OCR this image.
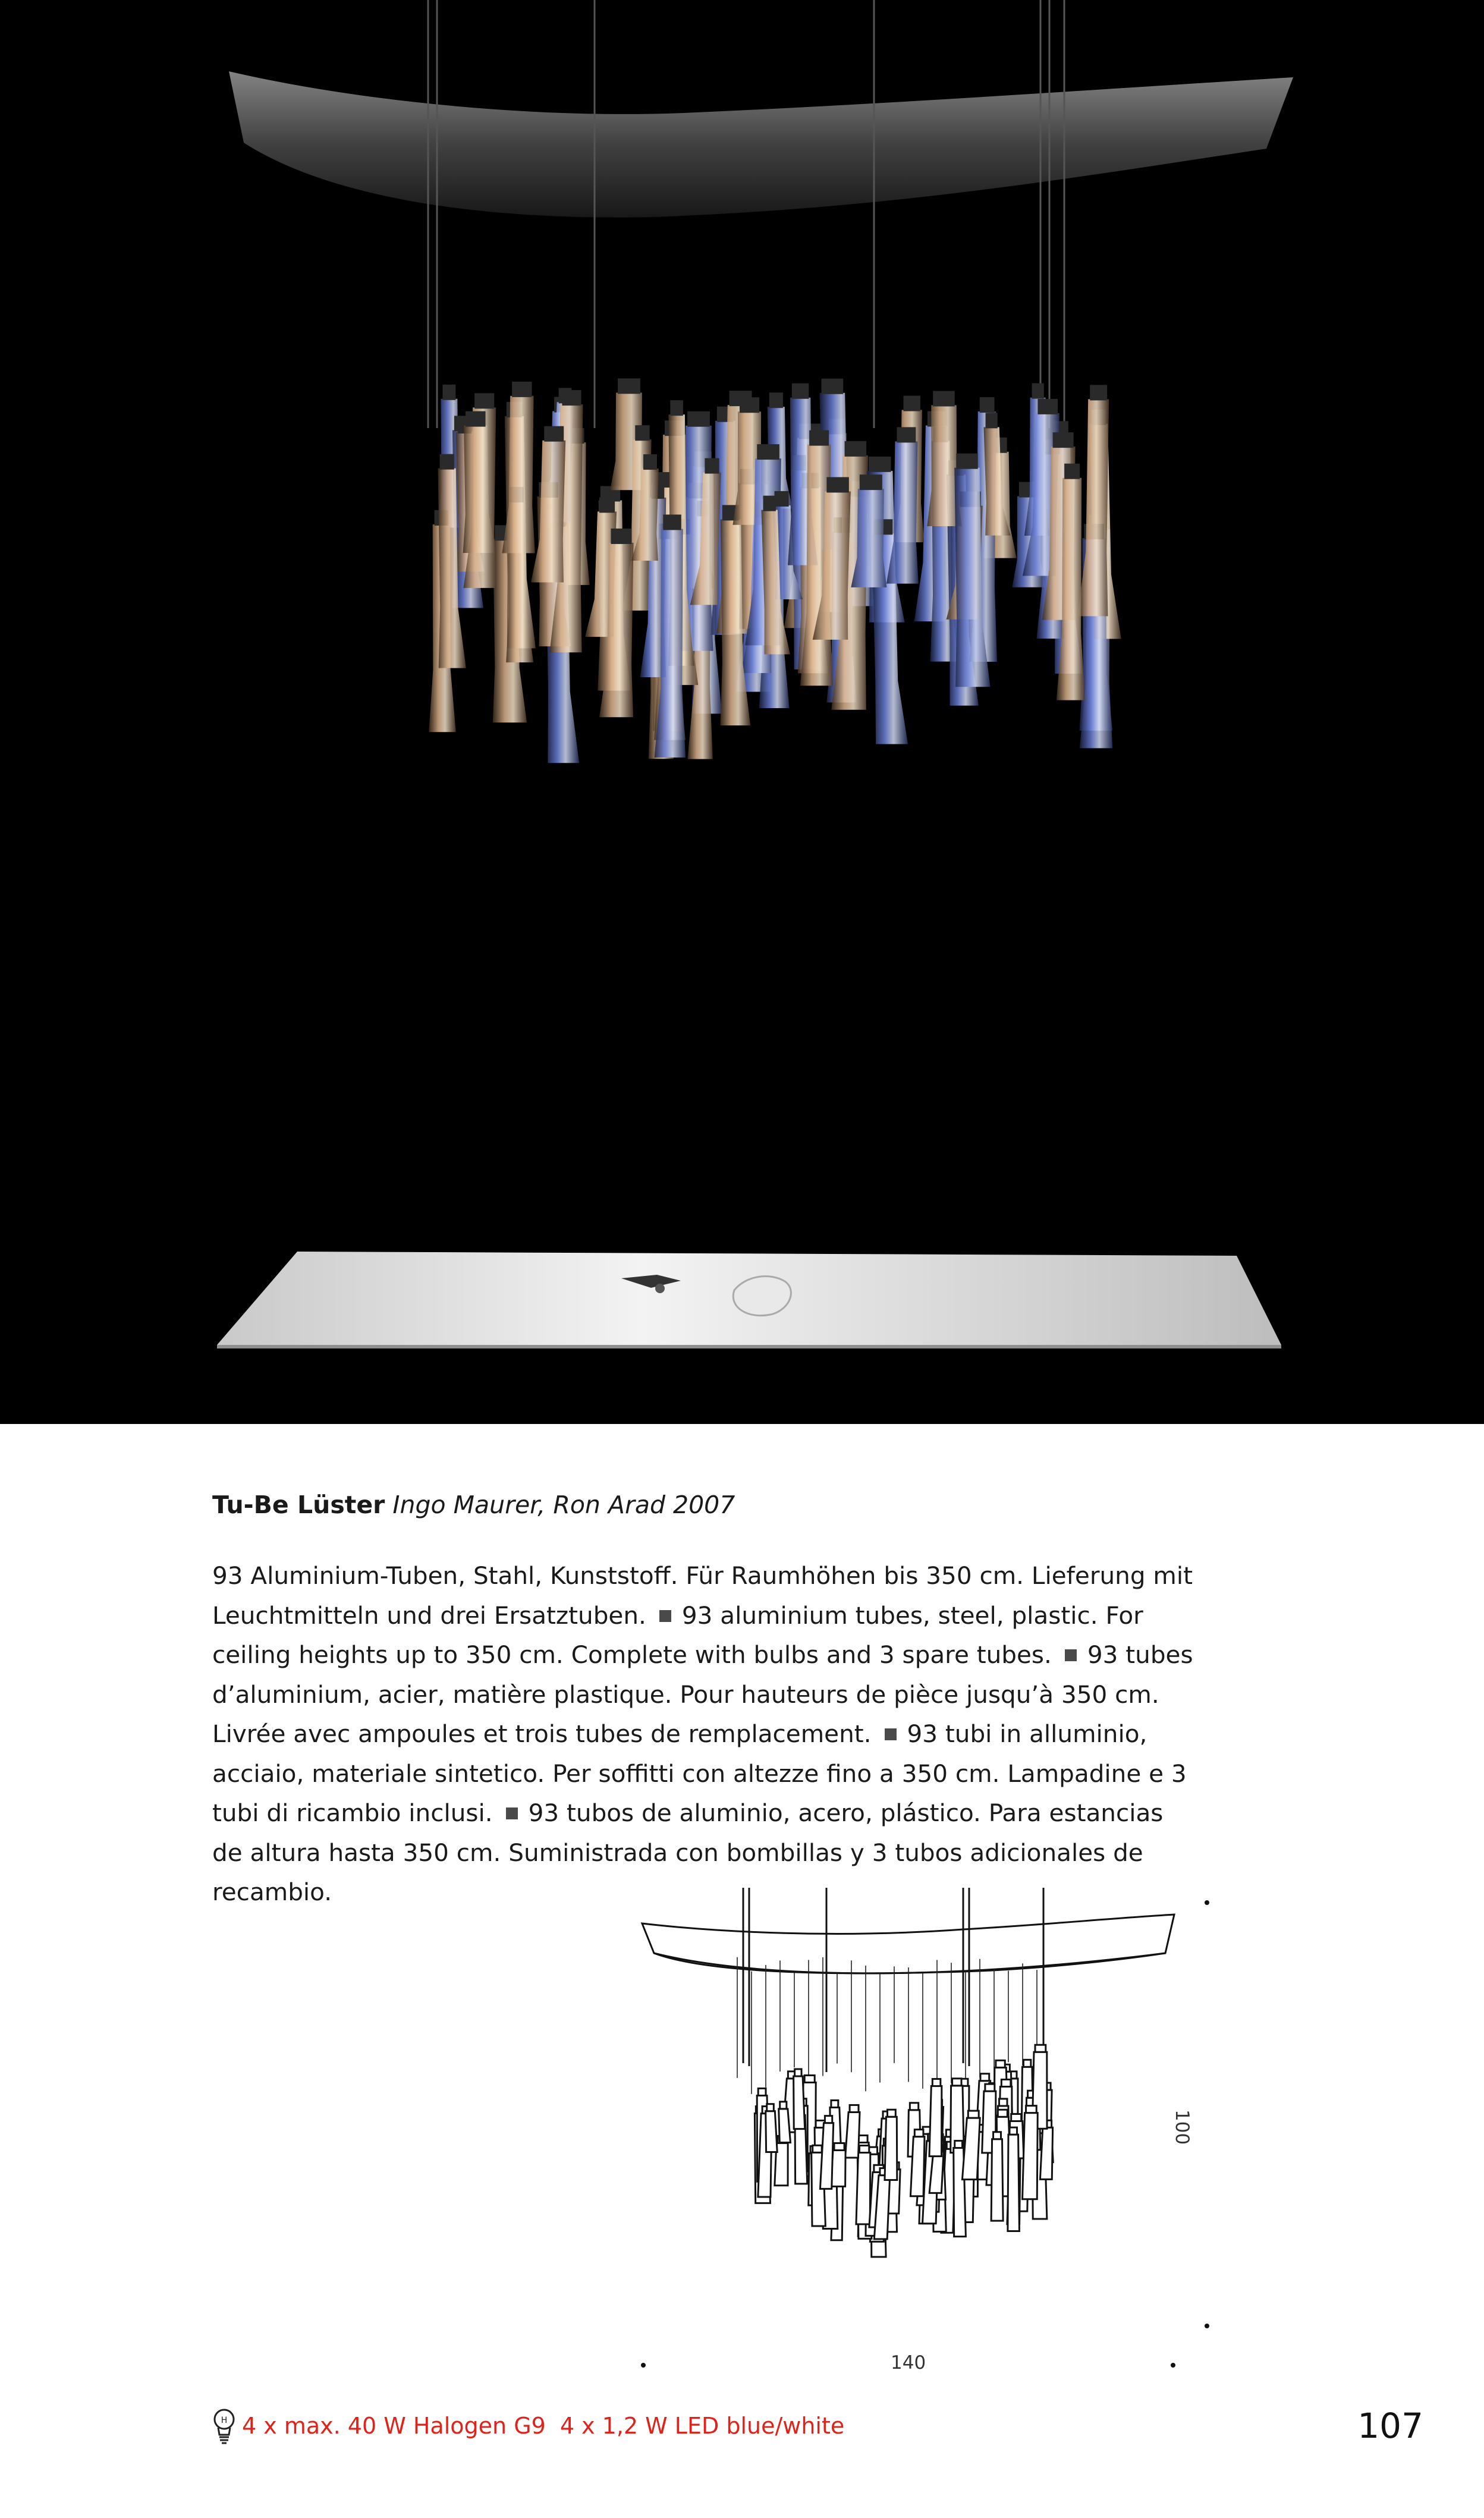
Tu-Be Lüster Ingo Maurer, Ron Arad 2007

93 Aluminium-Tuben, Stahl, Kunststoff. Für Raumhöhen bis 350 cm. Lieferung mit Leuchtmitteln und drei Ersatztuben. 93 aluminium tubes, steel, plastic. For ceiling heights up to 350 cm. Complete with bulbs and 3 spare tubes. 93 tubes d’aluminium, acier, matière plastique. Pour hauteurs de pièce jusqu’à 350 cm. Livrée avec ampoules et trois tubes de remplacement. 93 tubi in alluminio, acciaio, materiale sintetico. Per soffitti con altezze fino a 350 cm. Lampadine e 3 tubi di ricambio inclusi. 93 tubos de aluminio, acero, plástico. Para estancias de altura hasta 350 cm. Suministrada con bombillas y 3 tubos adicionales de recambio.

100
140
H 4 x max. 40 W Halogen G9 4 x 1,2 W LED blue/white	107
